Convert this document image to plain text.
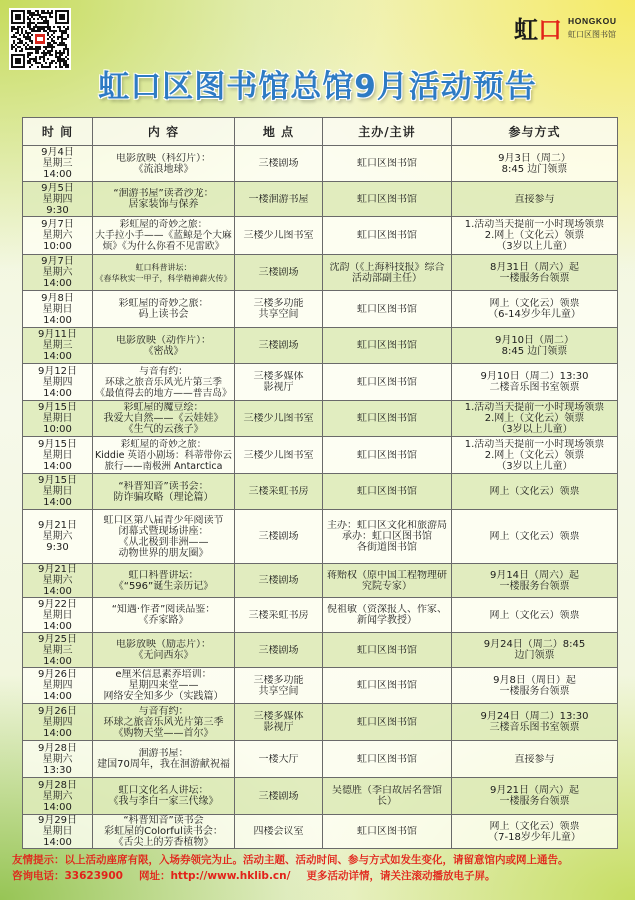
虹口 HONGKOU
虹口区图书馆
虹口区图书馆总馆9月活动预告
时 间	内 容	地 点	主办/主讲	参与方式

9月4日
星期三
14:00	电影放映（科幻片）：
《流浪地球》	三楼剧场	虹口区图书馆	9月3日（周二）
8:45 边门领票

9月5日
星期四
9:30	“洄游书屋”读者沙龙：
居家装饰与保养	一楼洄游书屋	虹口区图书馆	直接参与

9月7日
星期六
10:00	彩虹屋的奇妙之旅：
大手拉小手——《蓝鲸是个大麻
烦》《为什么你看不见雷欧》	三楼少儿图书室	虹口区图书馆	1.活动当天提前一小时现场领票
2.网上（文化云）领票
（3岁以上儿童）

9月7日
星期六
14:00	虹口科普讲坛：
《春华秋实一甲子，科学精神薪火传》	三楼剧场	沈韵（《上海科技报》综合
活动部副主任）	8月31日（周六）起
一楼服务台领票

9月8日
星期日
14:00	彩虹屋的奇妙之旅：
码上读书会	三楼多功能
共享空间	虹口区图书馆	网上（文化云）领票
（6-14岁少年儿童）

9月11日
星期三
14:00	电影放映（动作片）：
《密战》	三楼剧场	虹口区图书馆	9月10日（周二）
8:45 边门领票

9月12日
星期四
14:00	与音有约：
环球之旅音乐风光片第三季
《最值得去的地方——普吉岛》	三楼多媒体
影视厅	虹口区图书馆	9月10日（周二）13:30
二楼音乐图书室领票

9月15日
星期日
10:00	彩虹屋的魔豆绘：
我爱大自然——《云娃娃》
《生气的云孩子》	三楼少儿图书室	虹口区图书馆	1.活动当天提前一小时现场领票
2.网上（文化云）领票
（3岁以上儿童）

9月15日
星期日
14:00	彩虹屋的奇妙之旅：
Kiddie 英语小剧场：科蒂带你云
旅行——南极洲 Antarctica	三楼少儿图书室	虹口区图书馆	1.活动当天提前一小时现场领票
2.网上（文化云）领票
（3岁以上儿童）

9月15日
星期日
14:00	“科普知音”读书会：
防诈骗攻略（理论篇）	三楼采虹书房	虹口区图书馆	网上（文化云）领票

9月21日
星期六
9:30	虹口区第八届青少年阅读节
闭幕式暨现场讲座：
《从北极到非洲——
动物世界的朋友圈》	三楼剧场	主办：虹口区文化和旅游局
承办：虹口区图书馆
各街道图书馆	网上（文化云）领票

9月21日
星期六
14:00	虹口科普讲坛：
《“596”诞生亲历记》	三楼剧场	蒋贻权（原中国工程物理研
究院专家）	9月14日（周六）起
一楼服务台领票

9月22日
星期日
14:00	“知遇·作者”阅读品鉴：
《乔家路》	三楼采虹书房	倪祖敏（资深报人、作家、
新闻学教授）	网上（文化云）领票

9月25日
星期三
14:00	电影放映（励志片）：
《无问西东》	三楼剧场	虹口区图书馆	9月24日（周二）8:45
边门领票

9月26日
星期四
14:00	e厘米信息素养培训：
星期四来堂——
网络安全知多少（实践篇）	三楼多功能
共享空间	虹口区图书馆	9月8日（周日）起
一楼服务台领票

9月26日
星期四
14:00	与音有约：
环球之旅音乐风光片第三季
《购物天堂——首尔》	三楼多媒体
影视厅	虹口区图书馆	9月24日（周二）13:30
三楼音乐图书室领票

9月28日
星期六
13:30	洄游书屋：
建国70周年，我在洄游献祝福	一楼大厅	虹口区图书馆	直接参与

9月28日
星期六
14:00	虹口文化名人讲坛：
《我与李白一家三代缘》	三楼剧场	吴德胜（李白故居名誉馆
长）	9月21日（周六）起
一楼服务台领票

9月29日
星期日
14:00	“科普知音”读书会
彩虹屋的Colorful读书会：
《舌尖上的芳香植物》	四楼会议室	虹口区图书馆	网上（文化云）领票
（7-18岁少年儿童）
友情提示：以上活动座席有限，入场券领完为止。活动主题、活动时间、参与方式如发生变化，请留意馆内或网上通告。
咨询电话：33623900 网址：http://www.hklib.cn/ 更多活动详情，请关注滚动播放电子屏。
